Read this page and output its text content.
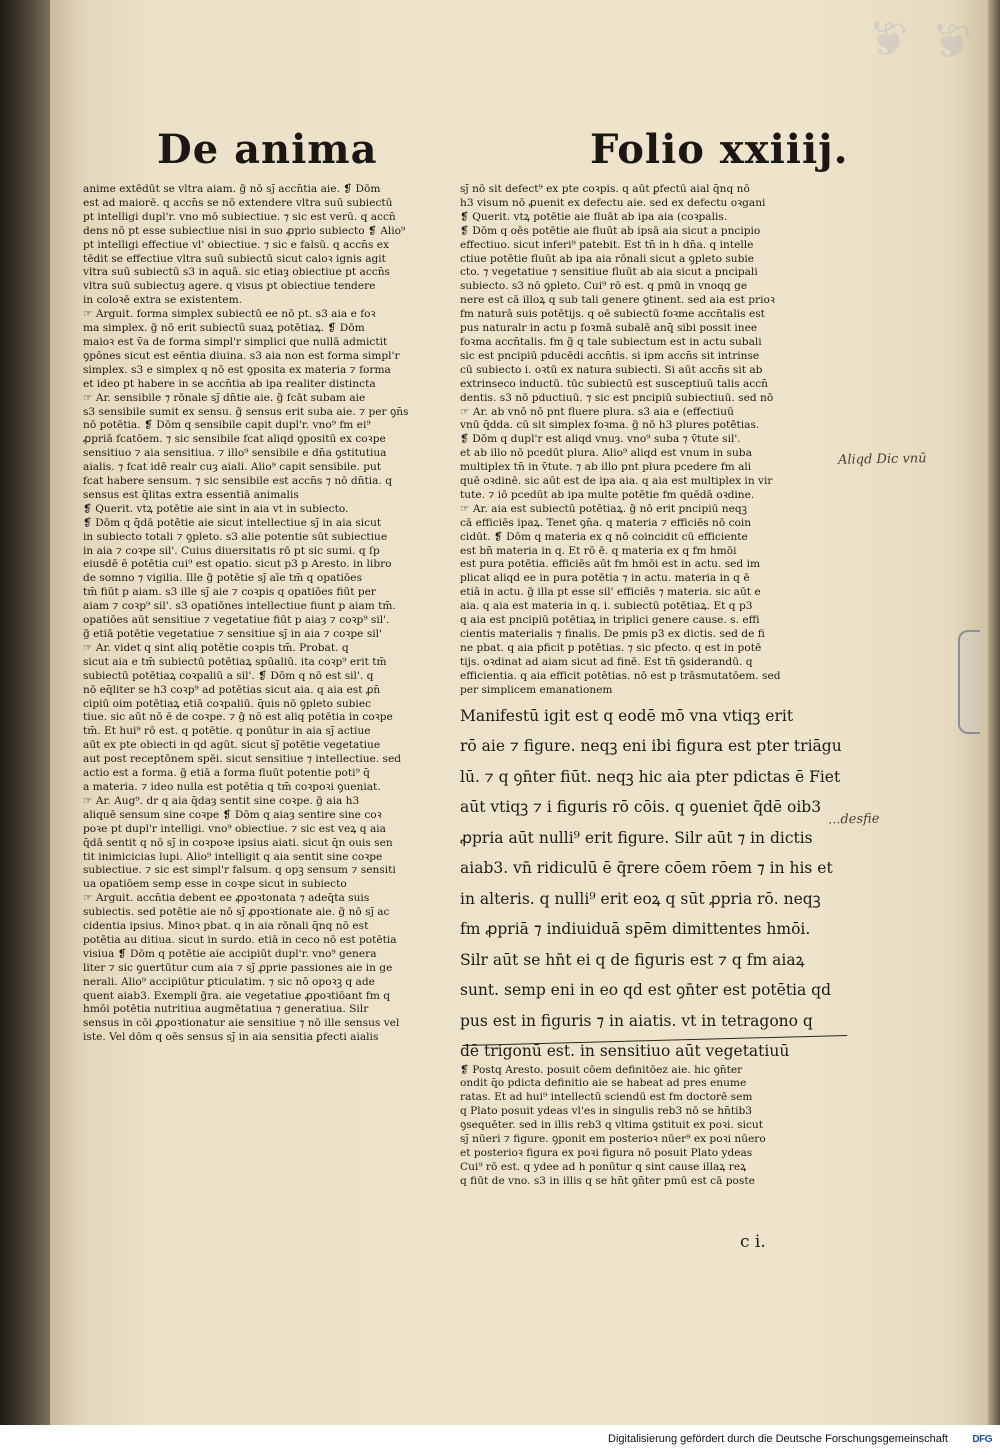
❦ ❦
De anima	Folio xxiiij.

anime extēdūt se vltra aiam. g̃ nō sȷ̄ accn̄tia aie. ❡ Dōm

est ad maiorē. q accn̄s se nō extendere vltra suū subiectū

pt intelligi dupl'r. vno mō subiectiue. ⁊ sic est verū. q accn̄

dens nō pt esse subiectiue nisi in suo ꝓprio subiecto ❡ Alio⁹

pt intelligi effectiue vl' obiectiue. ⁊ sic e falsū. q accn̄s ex

tēdit se effectiue vltra suū subiectū sicut caloꝛ ignis agit

vltra suū subiectū s3 in aquā. sic etiaȝ obiectiue pt accn̄s

vltra suū subiectuȝ agere. q visus pt obiectiue tendere

in coloꝛē extra se existentem.

☞ Arguit. forma simplex subiectū ee nō pt. s3 aia e foꝛ

ma simplex. g̃ nō erit subiectū suaꝝ potētiaꝝ. ❡ Dōm

maioꝛ est v̄a de forma simpl'r simplici que nullā admictit

ꝯpōnes sicut est eēntia diuina. s3 aia non est forma simpl'r

simplex. s3 e simplex q nō est ꝯposita ex materia ⁊ forma

et ideo pt habere in se accn̄tia ab ipa realiter distincta

☞ Ar. sensibile ⁊ rōnale sȷ̄ dn̄tie aie. g̃ fcāt subam aie

s3 sensibile sumit ex sensu. g̃ sensus erit suba aie. ⁊ per ꝯn̄s

nō potētia. ❡ Dōm q sensibile capit dupl'r. vno⁹ fm ei⁹

ꝓpriā fcatōem. ⁊ sic sensibile fcat aliqd ꝯpositū ex coꝛpe

sensitiuo ⁊ aia sensitiua. ⁊ illo⁹ sensibile e dn̄a ꝯstitutiua

aialis. ⁊ fcat idē realr cuȝ aiali. Alio⁹ capit sensibile. put

fcat habere sensum. ⁊ sic sensibile est accn̄s ⁊ nō dn̄tia. q

sensus est q̄litas extra essentiā animalis

❡ Querit. vtꝝ potētie aie sint in aia vt in subiecto.

❡ Dōm q q̄dā potētie aie sicut intellectiue sȷ̄ in aia sicut

in subiecto totali ⁊ ꝯpleto. s3 alie potentie sūt subiectiue

in aia ⁊ coꝛpe sil'. Cuius diuersitatis rō pt sic sumi. q ſp

eiusdē ē potētia cui⁹ est opatio. sicut p3 p Aresto. in libro

de somno ⁊ vigilia. Ille g̃ potētie sȷ̄ aīe tm̄ q opatiōes

tm̄ fiūt p aiam. s3 ille sȷ̄ aie ⁊ coꝛpis q opatiōes fiūt per

aiam ⁊ coꝛp⁹ sil'. s3 opatiōnes intellectiue fiunt p aiam tm̄.

opatiōes aūt sensitiue ⁊ vegetatiue fiūt p aiaȝ ⁊ coꝛp⁹ sil'.

g̃ etiā potētie vegetatiue ⁊ sensitiue sȷ̄ in aia ⁊ coꝛpe sil'

☞ Ar. videt q sint aliq potētie coꝛpis tm̄. Probat. q

sicut aia e tm̄ subiectū potētiaꝝ spūaliū. ita coꝛp⁹ erit tm̄

subiectū potētiaꝝ coꝛpaliū a sil'. ❡ Dōm q nō est sil'. q

nō eq̄liter se h3 coꝛp⁹ ad potētias sicut aia. q aia est ꝓn̄

cipiū oim potētiaꝝ etiā coꝛpaliū. q̄uis nō ꝯpleto subiec

tiue. sic aūt nō ē de coꝛpe. ⁊ g̃ nō est aliq potētia in coꝛpe

tm̄. Et hui⁹ rō est. q potētie. q ponūtur in aia sȷ̄ actiue

aūt ex pte obiecti in qd agūt. sicut sȷ̄ potētie vegetatiue

aut post receptōnem spēi. sicut sensitiue ⁊ intellectiue. sed

actio est a forma. g̃ etiā a forma fluūt potentie poti⁹ q̄

a materia. ⁊ ideo nulla est potētia q tm̄ coꝛpoꝛi ꝯueniat.

☞ Ar. Aug⁹. dr q aia q̄daȝ sentit sine coꝛpe. g̃ aia h3

aliquē sensum sine coꝛpe ❡ Dōm q aiaȝ sentire sine coꝛ

poꝛe pt dupl'r intelligi. vno⁹ obiectiue. ⁊ sic est veꝝ q aia

q̄dā sentit q nō sȷ̄ in coꝛpoꝛe ipsius aiati. sicut q̄n ouis sen

tit inimicicias lupi. Alio⁹ intelligit q aia sentit sine coꝛpe

subiectiue. ⁊ sic est simpl'r falsum. q opꝫ sensum ⁊ sensiti

ua opatiōem semp esse in coꝛpe sicut in subiecto

☞ Arguit. accn̄tia debent ee ꝓpoꝛtonata ⁊ adeq̄ta suis

subiectis. sed potētie aie nō sȷ̄ ꝓpoꝛtionate aie. g̃ nō sȷ̄ ac

cidentia ipsius. Minoꝛ pbat. q in aia rōnali q̄nq nō est

potētia au ditiua. sicut in surdo. etiā in ceco nō est potētia

visiua ❡ Dōm q potētie aie accipiūt dupl'r. vno⁹ genera

liter ⁊ sic ꝯuertūtur cum aia ⁊ sȷ̄ ꝓprie passiones aie in ge

nerali. Alio⁹ accipiūtur ꝑticulatim. ⁊ sic nō opoꝛꝫ q ade

quent aiab3. Exempli g̃ra. aie vegetatiue ꝓpoꝛtiōant fm q

hmōi potētia nutritiua augmētatiua ⁊ generatiua. Silr

sensus in cōi ꝓpoꝛtionatur aie sensitiue ⁊ nō ille sensus vel

iste. Vel dōm q oēs sensus sȷ̄ in aia sensitia ꝑfecti aialis

sȷ̄ nō sit defect⁹ ex pte coꝛpis. q aūt ꝑfectū aial q̄nq nō

h3 visum nō ꝓuenit ex defectu aie. sed ex defectu oꝛgani

❡ Querit. vtꝝ potētie aie fluāt ab ipa aia (coꝛpalis.

❡ Dōm q oēs potētie aie fluūt ab ipsā aia sicut a pncipio

effectiuo. sicut inferi⁹ patebit. Est tn̄ in h dn̄a. q intelle

ctiue potētie fluūt ab ipa aia rōnali sicut a ꝯpleto subie

cto. ⁊ vegetatiue ⁊ sensitiue fluūt ab aia sicut a pncipali

subiecto. s3 nō ꝯpleto. Cui⁹ rō est. q pmū in vnoqq ge

nere est cā illoꝝ q sub tali genere ꝯtinent. sed aia est prioꝛ

fm naturā suis potētijs. q oē subiectū foꝛme accn̄talis est

pus naturalr in actu p foꝛmā subalē anq̄ sibi possit inee

foꝛma accn̄talis. fm g̃ q tale subiectum est in actu subali

sic est pncipiū pducēdi accn̄tis. si ipm accn̄s sit intrinse

cū subiecto i. oꝛtū ex natura subiecti. Si aūt accn̄s sit ab

extrinseco inductū. tūc subiectū est susceptiuū talis accn̄

dentis. s3 nō pductiuū. ⁊ sic est pncipiū subiectiuū. sed nō

☞ Ar. ab vnō nō pnt fluere plura. s3 aia e (effectiuū

vnū q̄dda. cū sit simplex foꝛma. g̃ nō h3 plures potētias.

❡ Dōm q dupl'r est aliqd vnuȝ. vno⁹ suba ⁊ v̄tute sil'.

et ab illo nō pcedūt plura. Alio⁹ aliqd est vnum in suba

multiplex tn̄ in v̄tute. ⁊ ab illo pnt plura pcedere fm ali

quē oꝛdinē. sic aūt est de ipa aia. q aia est multiplex in vir

tute. ⁊ iō pcedūt ab ipa multe potētie fm quēdā oꝛdine.

☞ Ar. aia est subiectū potētiaꝝ. g̃ nō erit pncipiū neqꝫ

cā efficiēs ipaꝝ. Tenet ꝯn̄a. q materia ⁊ efficiēs nō coin

cidūt. ❡ Dōm q materia ex q nō coincidit cū efficiente

est bn̄ materia in q. Et rō ē. q materia ex q fm hmōi

est pura potētia. efficiēs aūt fm hmōi est in actu. sed im

plicat aliqd ee in pura potētia ⁊ in actu. materia in q ē

etiā in actu. g̃ illa pt esse sil' efficiēs ⁊ materia. sic aūt e

aia. q aia est materia in q. i. subiectū potētiaꝝ. Et q p3

q aia est pncipiū potētiaꝝ in triplici genere cause. s. effi

cientis materialis ⁊ finalis. De pmis p3 ex dictis. sed de fi

ne pbat. q aia pficit p potētias. ⁊ sic pfecto. q est in potē

tijs. oꝛdinat ad aiam sicut ad finē. Est tn̄ ꝯsiderandū. q

efficientia. q aia efficit potētias. nō est p trāsmutatōem. sed

per simplicem emanationem

Manifestū igit est q eodē mō vna vtiqꝫ erit

rō aie ⁊ figure. neqꝫ eni ibi figura est pter triāgu

lū. ⁊ q ꝯn̄ter fiūt. neqꝫ hic aia pter pdictas ē Fiet

aūt vtiqꝫ ⁊ i figuris rō cōis. q ꝯueniet q̄dē oib3

ꝓpria aūt nulli⁹ erit figure. Silr aūt ⁊ in dictis

aiab3. vn̄ ridiculū ē q̄rere cōem rōem ⁊ in his et

in alteris. q nulli⁹ erit eoꝝ q sūt ꝓpria rō. neqꝫ

fm ꝓpriā ⁊ indiuiduā spēm dimittentes hmōi.

Silr aūt se hn̄t ei q de figuris est ⁊ q fm aiaꝝ

sunt. semp eni in eo qd est ꝯn̄ter est potētia qd

pus est in figuris ⁊ in aiatis. vt in tetragono q

dē trigonū est. in sensitiuo aūt vegetatiuū

❡ Postq Aresto. posuit cōem definitōez aie. hic ꝯn̄ter

ondit q̄o pdicta definitio aie se habeat ad pres enume

ratas. Et ad hui⁹ intellectū sciendū est fm doctorē sem

q Plato posuit ydeas vl'es in singulis reb3 nō se hn̄tib3

ꝯsequēter. sed in illis reb3 q vltima ꝯstituit ex poꝛi. sicut

sȷ̄ nūeri ⁊ figure. ꝯponit em posterioꝛ nūer⁹ ex poꝛi nūero

et posterioꝛ figura ex poꝛi figura nō posuit Plato ydeas

Cui⁹ rō est. q ydee ad h ponūtur q sint cause illaꝝ reꝝ

q fiūt de vno. s3 in illis q se hn̄t ꝯn̄ter pmū est cā poste

c i.
Aliqd Dic vnū
...desfie
Digitalisierung gefördert durch die Deutsche Forschungsgemeinschaft DFG
